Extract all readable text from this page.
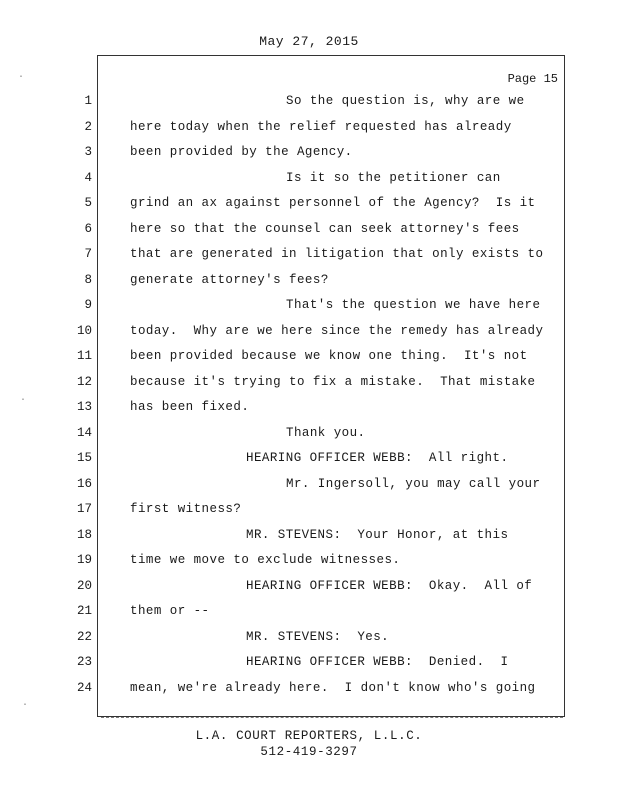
May 27, 2015
Page 15
1	So the question is, why are we
2	here today when the relief requested has already
3	been provided by the Agency.
4	Is it so the petitioner can
5	grind an ax against personnel of the Agency?  Is it
6	here so that the counsel can seek attorney's fees
7	that are generated in litigation that only exists to
8	generate attorney's fees?
9	That's the question we have here
10	today.  Why are we here since the remedy has already
11	been provided because we know one thing.  It's not
12	because it's trying to fix a mistake.  That mistake
13	has been fixed.
14	Thank you.
15	HEARING OFFICER WEBB:  All right.
16	Mr. Ingersoll, you may call your
17	first witness?
18	MR. STEVENS:  Your Honor, at this
19	time we move to exclude witnesses.
20	HEARING OFFICER WEBB:  Okay.  All of
21	them or --
22	MR. STEVENS:  Yes.
23	HEARING OFFICER WEBB:  Denied.  I
24	mean, we're already here.  I don't know who's going
L.A. COURT REPORTERS, L.L.C.
512-419-3297
·
·
·
